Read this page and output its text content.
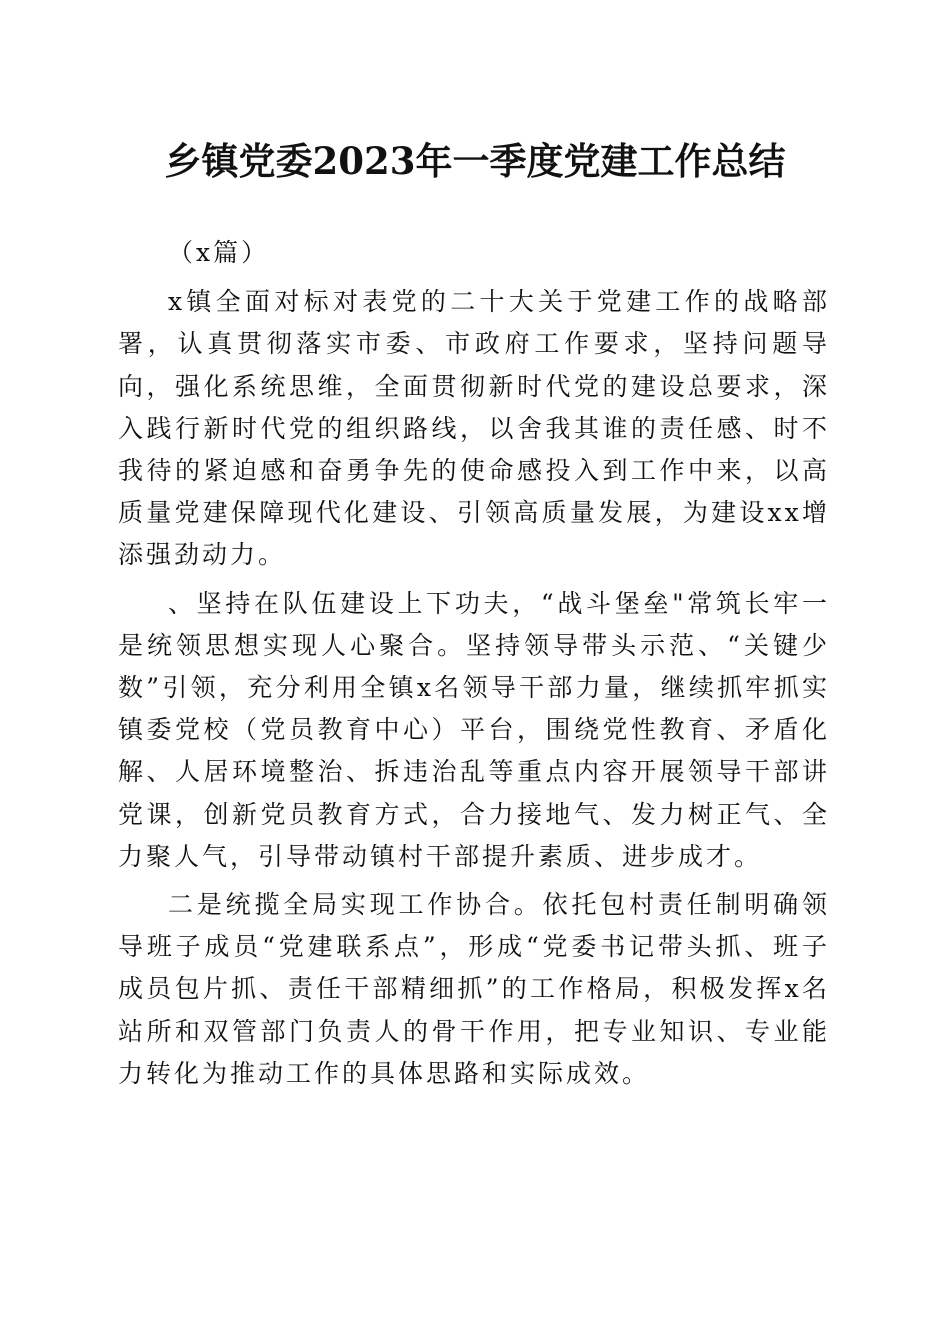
乡镇党委2023年一季度党建工作总结

（x篇）

x镇全面对标对表党的二十大关于党建工作的战略部署，认真贯彻落实市委、市政府工作要求，坚持问题导向，强化系统思维，全面贯彻新时代党的建设总要求，深入践行新时代党的组织路线，以舍我其谁的责任感、时不我待的紧迫感和奋勇争先的使命感投入到工作中来，以高质量党建保障现代化建设、引领高质量发展，为建设xx增添强劲动力。

、坚持在队伍建设上下功夫，“战斗堡垒"常筑长牢一是统领思想实现人心聚合。坚持领导带头示范、“关键少数”引领，充分利用全镇x名领导干部力量，继续抓牢抓实镇委党校（党员教育中心）平台，围绕党性教育、矛盾化解、人居环境整治、拆违治乱等重点内容开展领导干部讲党课，创新党员教育方式，合力接地气、发力树正气、全力聚人气，引导带动镇村干部提升素质、进步成才。

二是统揽全局实现工作协合。依托包村责任制明确领导班子成员“党建联系点”，形成“党委书记带头抓、班子成员包片抓、责任干部精细抓”的工作格局，积极发挥x名站所和双管部门负责人的骨干作用，把专业知识、专业能力转化为推动工作的具体思路和实际成效。
